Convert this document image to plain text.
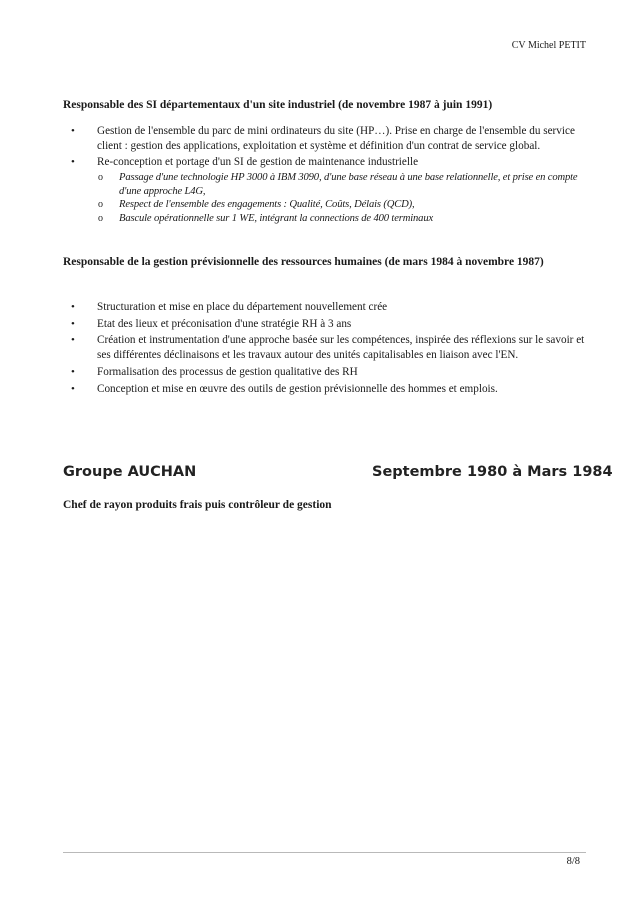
CV Michel PETIT
Responsable des SI départementaux d'un site industriel (de novembre 1987 à juin 1991)
• Gestion de l'ensemble du parc de mini ordinateurs du site (HP…). Prise en charge de l'ensemble du service client : gestion des applications, exploitation et système et définition d'un contrat de service global.
• Re-conception et portage d'un SI de gestion de maintenance industrielle
o Passage d'une technologie HP 3000 à IBM 3090, d'une base réseau à une base relationnelle, et prise en compte d'une approche L4G,
o Respect de l'ensemble des engagements : Qualité, Coûts, Délais (QCD),
o Bascule opérationnelle sur 1 WE, intégrant la connections de 400 terminaux
Responsable de la gestion prévisionnelle des ressources humaines (de mars 1984 à novembre 1987)
• Structuration et mise en place du département nouvellement crée
• Etat des lieux et préconisation d'une stratégie RH à 3 ans
• Création et instrumentation d'une approche basée sur les compétences, inspirée des réflexions sur le savoir et ses différentes déclinaisons et les travaux autour des unités capitalisables en liaison avec l'EN.
• Formalisation des processus de gestion qualitative des RH
• Conception et mise en œuvre des outils de gestion prévisionnelle des hommes et emplois.
Groupe AUCHAN	Septembre 1980 à Mars 1984
Chef de rayon produits frais puis contrôleur de gestion
8/8
